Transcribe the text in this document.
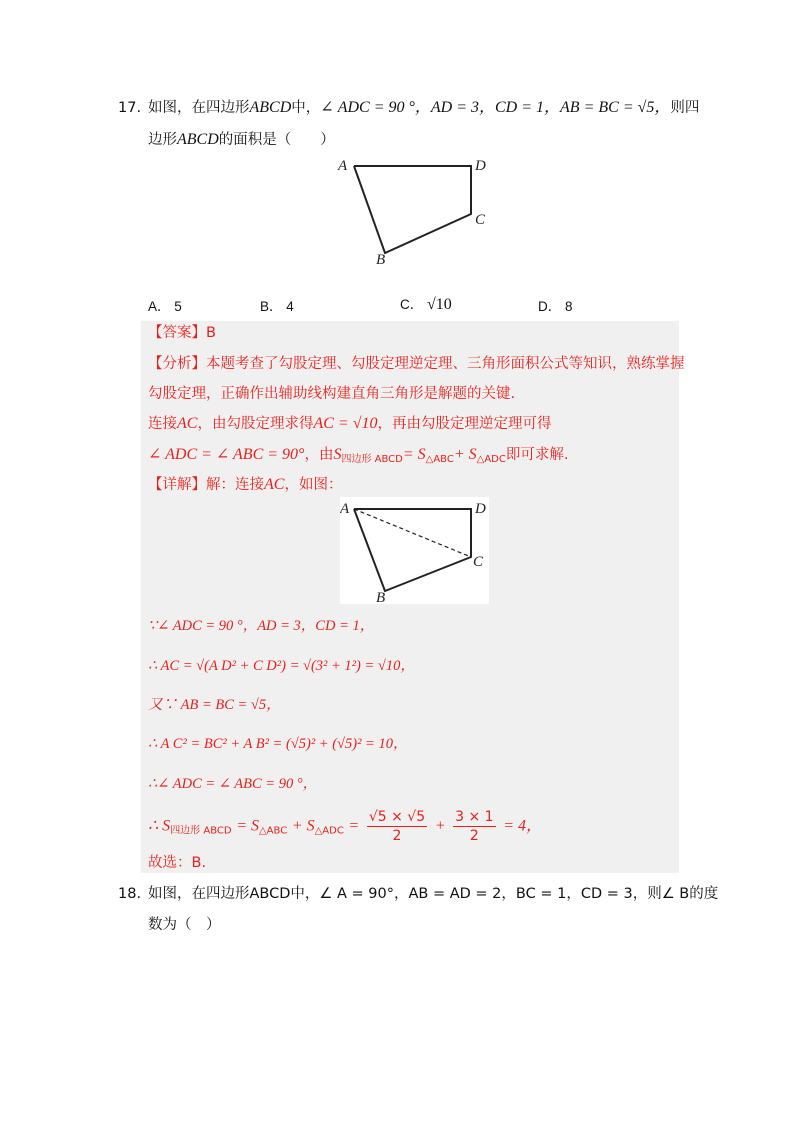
17. 如图，在四边形ABCD中，∠ ADC = 90 °，AD = 3，CD = 1，AB = BC = √5，则四
边形ABCD的面积是（　　）
A	D
C
B
A． 5	B． 4	C． √10	D． 8
【答案】B
【分析】本题考查了勾股定理、勾股定理逆定理、三角形面积公式等知识，熟练掌握
勾股定理，正确作出辅助线构建直角三角形是解题的关键.
连接AC，由勾股定理求得AC = √10，再由勾股定理逆定理可得
∠ ADC = ∠ ABC = 90°，由$S_{四边形 ABCD}= S_{\triangle ABC}+ S_{\triangle ADC}$即可求解.
【详解】解：连接AC，如图：
A	D
C
B
∵∠ ADC = 90 °，AD = 3，CD = 1，
∴ AC = √(A D² + C D²) = √(3² + 1²) = √10，
又∵ AB = BC = √5，
∴ A C² = BC² + A B² = (√5)² + (√5)² = 10，
∴∠ ADC = ∠ ABC = 90 °，
∴ $S_{四边形 ABCD} = S_{\triangle ABC} + S_{\triangle ADC} = \frac{√5 \times √5}{2} + \frac{3 \times 1}{2} = 4$，
故选：B.
18. 如图，在四边形ABCD中，∠ A = 90°，AB = AD = 2，BC = 1，CD = 3，则∠ B的度
数为（　）
